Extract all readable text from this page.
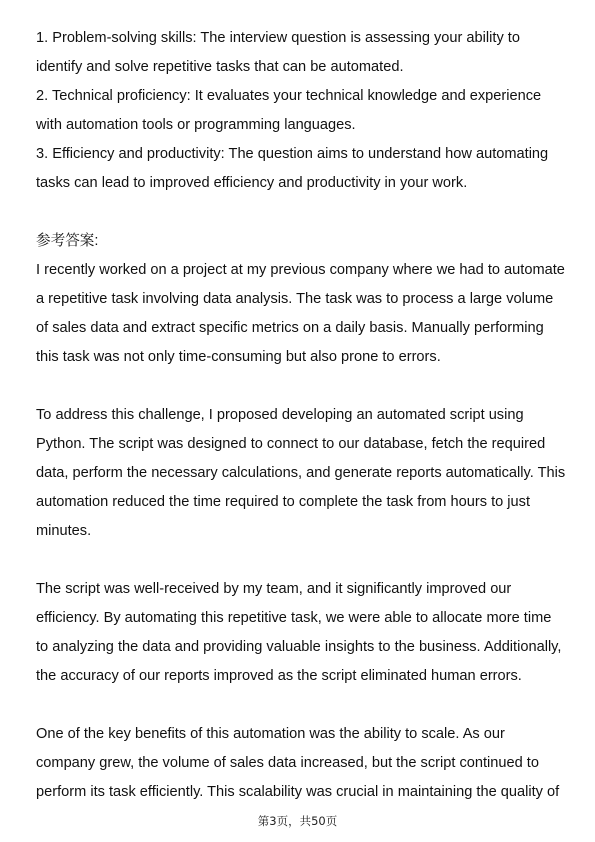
1. Problem-solving skills: The interview question is assessing your ability to

identify and solve repetitive tasks that can be automated.

2. Technical proficiency: It evaluates your technical knowledge and experience

with automation tools or programming languages.

3. Efficiency and productivity: The question aims to understand how automating

tasks can lead to improved efficiency and productivity in your work.

参考答案:

I recently worked on a project at my previous company where we had to automate

a repetitive task involving data analysis. The task was to process a large volume

of sales data and extract specific metrics on a daily basis. Manually performing

this task was not only time-consuming but also prone to errors.

To address this challenge, I proposed developing an automated script using

Python. The script was designed to connect to our database, fetch the required

data, perform the necessary calculations, and generate reports automatically. This

automation reduced the time required to complete the task from hours to just

minutes.

The script was well-received by my team, and it significantly improved our

efficiency. By automating this repetitive task, we were able to allocate more time

to analyzing the data and providing valuable insights to the business. Additionally,

the accuracy of our reports improved as the script eliminated human errors.

One of the key benefits of this automation was the ability to scale. As our

company grew, the volume of sales data increased, but the script continued to

perform its task efficiently. This scalability was crucial in maintaining the quality of

第3页，共50页
